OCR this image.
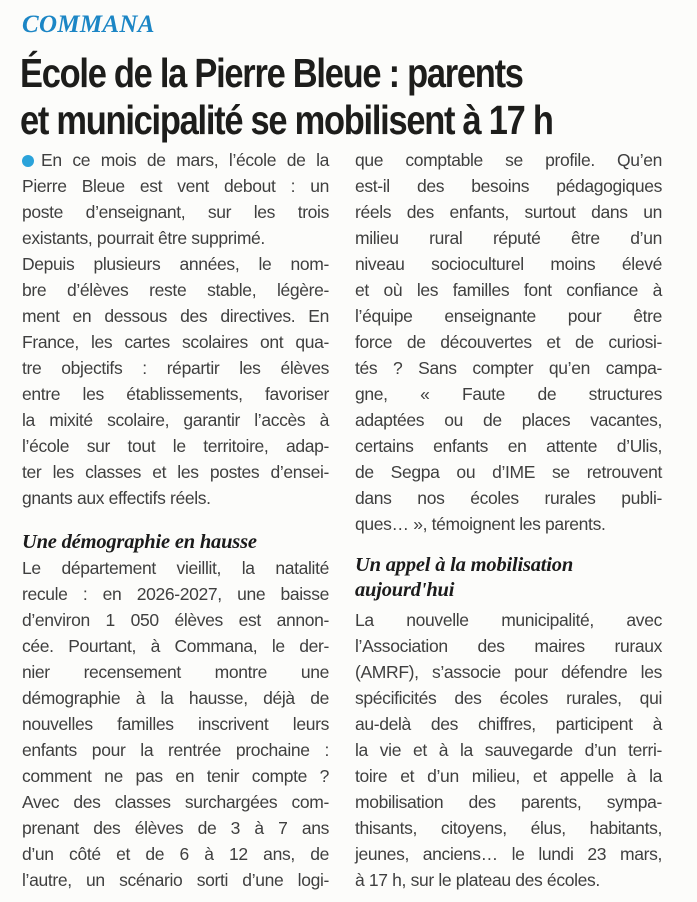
COMMANA
École de la Pierre Bleue : parents
et municipalité se mobilisent à 17 h
En ce mois de mars, l’école de la
Pierre Bleue est vent debout : un
poste d’enseignant, sur les trois
existants, pourrait être supprimé.
Depuis plusieurs années, le nom-
bre d’élèves reste stable, légère-
ment en dessous des directives. En
France, les cartes scolaires ont qua-
tre objectifs : répartir les élèves
entre les établissements, favoriser
la mixité scolaire, garantir l’accès à
l’école sur tout le territoire, adap-
ter les classes et les postes d’ensei-
gnants aux effectifs réels.
Une démographie en hausse
Le département vieillit, la natalité
recule : en 2026-2027, une baisse
d’environ 1 050 élèves est annon-
cée. Pourtant, à Commana, le der-
nier recensement montre une
démographie à la hausse, déjà de
nouvelles familles inscrivent leurs
enfants pour la rentrée prochaine :
comment ne pas en tenir compte ?
Avec des classes surchargées com-
prenant des élèves de 3 à 7 ans
d’un côté et de 6 à 12 ans, de
l’autre, un scénario sorti d’une logi-
que comptable se profile. Qu’en
est-il des besoins pédagogiques
réels des enfants, surtout dans un
milieu rural réputé être d’un
niveau socioculturel moins élevé
et où les familles font confiance à
l’équipe enseignante pour être
force de découvertes et de curiosi-
tés ? Sans compter qu’en campa-
gne, « Faute de structures
adaptées ou de places vacantes,
certains enfants en attente d’Ulis,
de Segpa ou d’IME se retrouvent
dans nos écoles rurales publi-
ques… », témoignent les parents.
Un appel à la mobilisation
aujourd'hui
La nouvelle municipalité, avec
l’Association des maires ruraux
(AMRF), s’associe pour défendre les
spécificités des écoles rurales, qui
au-delà des chiffres, participent à
la vie et à la sauvegarde d’un terri-
toire et d’un milieu, et appelle à la
mobilisation des parents, sympa-
thisants, citoyens, élus, habitants,
jeunes, anciens… le lundi 23 mars,
à 17 h, sur le plateau des écoles.
